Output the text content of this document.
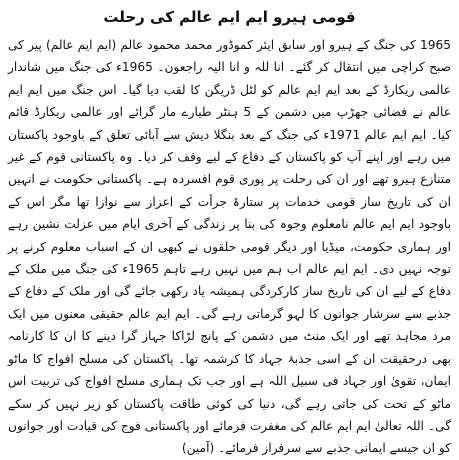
قومی ہیرو ایم ایم عالم کی رحلت

1965 کی جنگ کے ہیرو اور سابق ایئر کموڈور محمد محمود عالم (ایم ایم عالم) پیر کی صبح کراچی میں انتقال کر گئے۔ انا للہ و انا الیہ راجعون۔ 1965ء کی جنگ میں شاندار عالمی ریکارڈ کے بعد ایم ایم عالم کو لٹل ڈریگن کا لقب دیا گیا۔ اس جنگ میں ایم ایم عالم نے فضائی جھڑپ میں دشمن کے 5 ہنٹر طیارے مار گرائے اور عالمی ریکارڈ قائم کیا۔ ایم ایم عالم 1971ء کی جنگ کے بعد بنگلا دیش سے آبائی تعلق کے باوجود پاکستان میں رہے اور اپنے آپ کو پاکستان کے دفاع کے لیے وقف کر دیا۔ وہ پاکستانی قوم کے غیر متنازع ہیرو تھے اور ان کی رحلت پر پوری قوم افسردہ ہے۔ پاکستانی حکومت نے انہیں ان کی تاریخ ساز قومی خدمات پر ستارۂ جرأت کے اعزاز سے نوازا تھا مگر اس کے باوجود ایم ایم عالم نامعلوم وجوہ کی بنا پر زندگی کے آخری ایام میں عزلت نشین رہے اور ہماری حکومت، میڈیا اور دیگر قومی حلقوں نے کبھی ان کے اسباب معلوم کرنے پر توجہ نہیں دی۔ ایم ایم عالم اب ہم میں نہیں رہے تاہم 1965ء کی جنگ میں ملک کے دفاع کے لیے ان کی تاریخ ساز کارکردگی ہمیشہ یاد رکھی جائے گی اور ملک کے دفاع کے جذبے سے سرشار جوانوں کا لہو گرماتی رہے گی۔ ایم ایم عالم حقیقی معنوں میں ایک مرد مجاہد تھے اور ایک منٹ میں دشمن کے پانچ لڑاکا جہاز گرا دینے کا ان کا کارنامہ بھی درحقیقت ان کے اسی جذبۂ جہاد کا کرشمہ تھا۔ پاکستان کی مسلح افواج کا ماٹو ایمان، تقویٰ اور جہاد فی سبیل اللہ ہے اور جب تک ہماری مسلح افواج کی تربیت اس ماٹو کے تحت کی جاتی رہے گی، دنیا کی کوئی طاقت پاکستان کو زیر نہیں کر سکے گی۔ اللہ تعالیٰ ایم ایم عالم کی مغفرت فرمائے اور پاکستانی فوج کی قیادت اور جوانوں کو ان جیسے ایمانی جذبے سے سرفراز فرمائے۔ (آمین)
